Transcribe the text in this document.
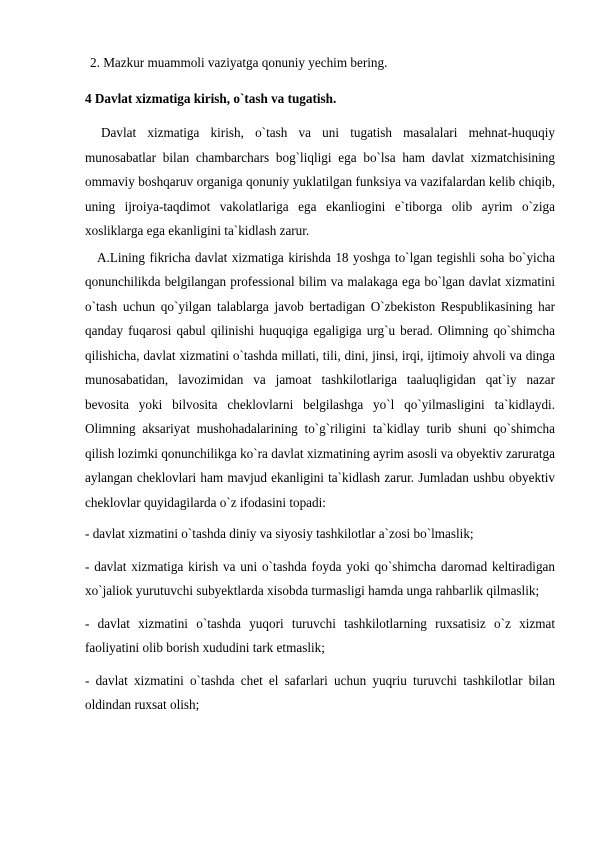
2. Mazkur muammoli vaziyatga qonuniy yechim bering.

4 Davlat xizmatiga kirish, o`tash va tugatish.

Davlat xizmatiga kirish, o`tash va uni tugatish masalalari mehnat-huquqiy munosabatlar bilan chambarchars bog`liqligi ega bo`lsa ham davlat xizmatchisining ommaviy boshqaruv organiga qonuniy yuklatilgan funksiya va vazifalardan kelib chiqib, uning ijroiya-taqdimot vakolatlariga ega ekanliogini e`tiborga olib ayrim o`ziga xosliklarga ega ekanligini ta`kidlash zarur.

A.Lining fikricha davlat xizmatiga kirishda 18 yoshga to`lgan tegishli soha bo`yicha qonunchilikda belgilangan professional bilim va malakaga ega bo`lgan davlat xizmatini o`tash uchun qo`yilgan talablarga javob bertadigan O`zbekiston Respublikasining har qanday fuqarosi qabul qilinishi huquqiga egaligiga urg`u berad. Olimning qo`shimcha qilishicha, davlat xizmatini o`tashda millati, tili, dini, jinsi, irqi, ijtimoiy ahvoli va dinga munosabatidan, lavozimidan va jamoat tashkilotlariga taaluqligidan qat`iy nazar bevosita yoki bilvosita cheklovlarni belgilashga yo`l qo`yilmasligini ta`kidlaydi. Olimning aksariyat mushohadalarining to`g`riligini ta`kidlay turib shuni qo`shimcha qilish lozimki qonunchilikga ko`ra davlat xizmatining ayrim asosli va obyektiv zaruratga aylangan cheklovlari ham mavjud ekanligini ta`kidlash zarur. Jumladan ushbu obyektiv cheklovlar quyidagilarda o`z ifodasini topadi:

- davlat xizmatini o`tashda diniy va siyosiy tashkilotlar a`zosi bo`lmaslik;

- davlat xizmatiga kirish va uni o`tashda foyda yoki qo`shimcha daromad keltiradigan xo`jaliok yurutuvchi subyektlarda xisobda turmasligi hamda unga rahbarlik qilmaslik;

- davlat xizmatini o`tashda yuqori turuvchi tashkilotlarning ruxsatisiz o`z xizmat faoliyatini olib borish xududini tark etmaslik;

- davlat xizmatini o`tashda chet el safarlari uchun yuqriu turuvchi tashkilotlar bilan oldindan ruxsat olish;
